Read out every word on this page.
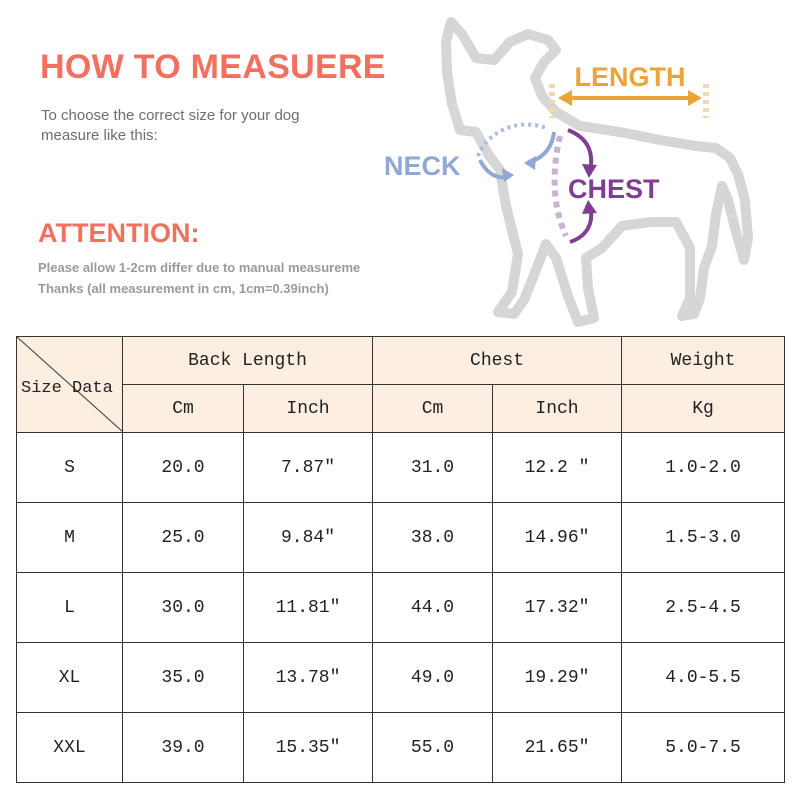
HOW TO MEASUERE
To choose the correct size for your dog
measure like this:
ATTENTION:
Please allow 1-2cm differ due to manual measureme
Thanks (all measurement in cm, 1cm=0.39inch)
LENGTH
NECK
CHEST
Size Data	Back Length		Chest		Weight
	Cm	Inch	Cm	Inch	Kg
S	20.0	7.87″	31.0	12.2 ″	1.0-2.0
M	25.0	9.84″	38.0	14.96″	1.5-3.0
L	30.0	11.81″	44.0	17.32″	2.5-4.5
XL	35.0	13.78″	49.0	19.29″	4.0-5.5
XXL	39.0	15.35″	55.0	21.65″	5.0-7.5
